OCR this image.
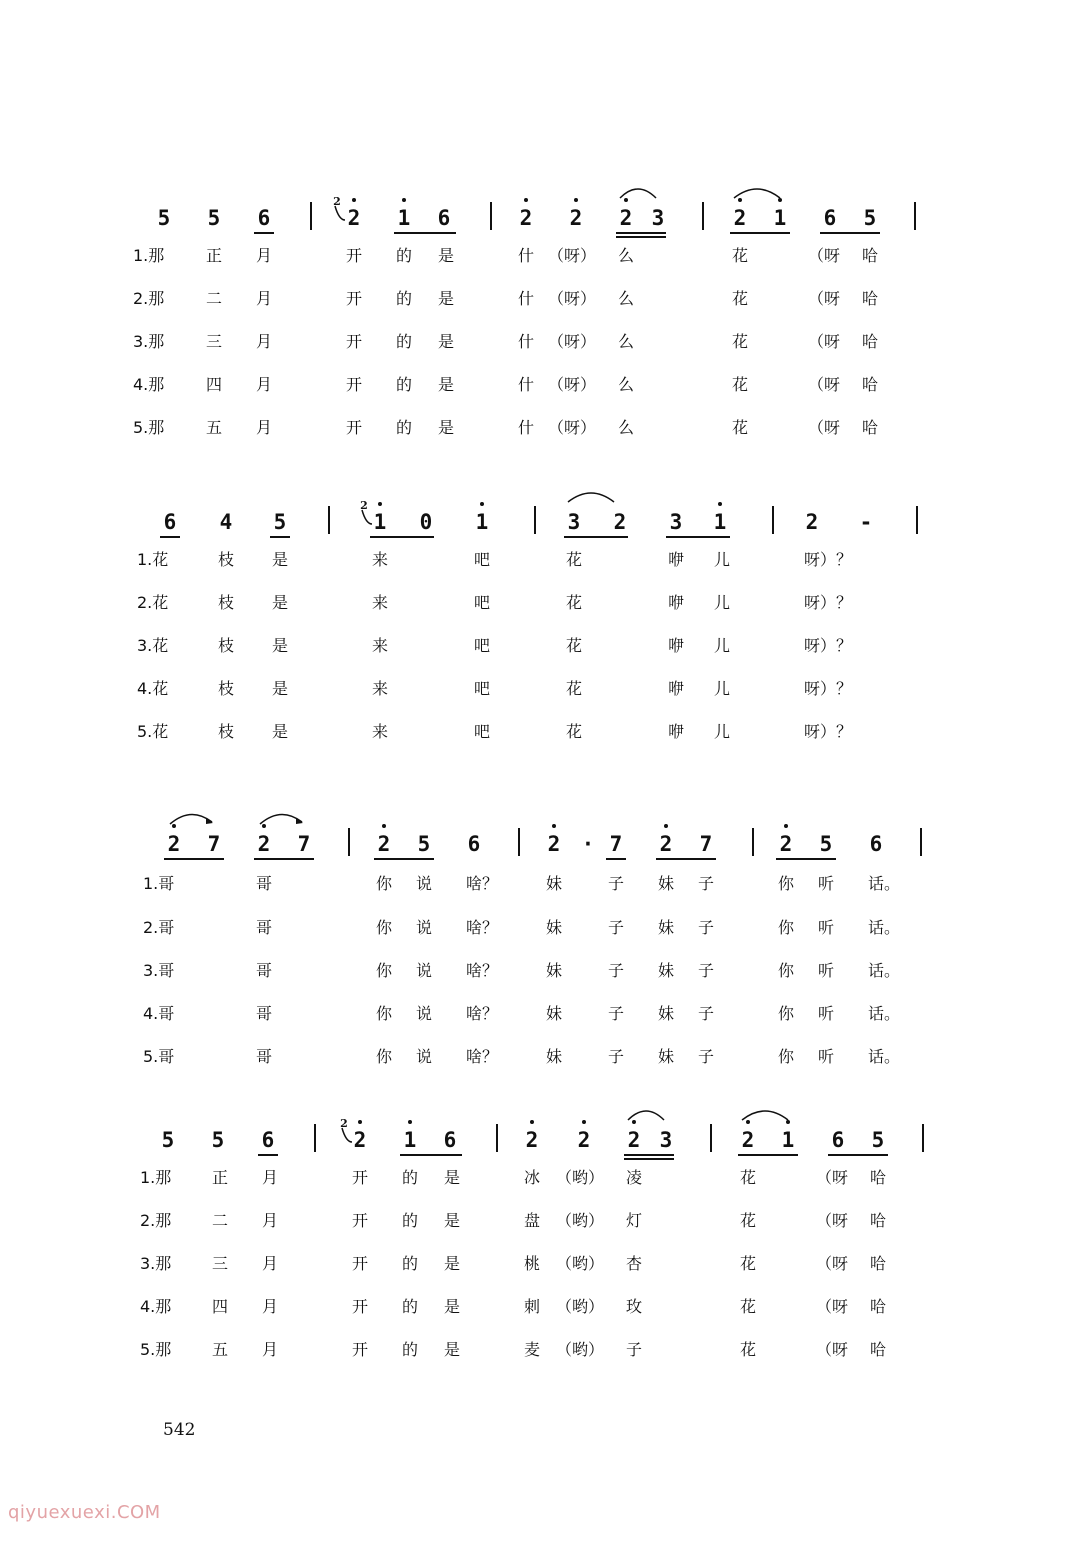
5 5 6
2
2 1 6	2 2 2 3	2 1 6 5
1.那	正 月	开 的 是	什 （呀） 么	花	（呀 哈
2.那	二 月	开 的 是	什 （呀） 么	花	（呀 哈
3.那	三 月	开 的 是	什 （呀） 么	花	（呀 哈
4.那	四 月	开 的 是	什 （呀） 么	花	（呀 哈
5.那	五 月	开 的 是	什 （呀） 么	花	（呀 哈
6 4 5
2
1 0 1	3 2 3 1	2 -
1.花	枝 是	来	吧	花	咿 儿	呀）？
2.花	枝 是	来	吧	花	咿 儿	呀）？
3.花	枝 是	来	吧	花	咿 儿	呀）？
4.花	枝 是	来	吧	花	咿 儿	呀）？
5.花	枝 是	来	吧	花	咿 儿	呀）？
2 7 2 7	2 5 6	2 · 7 2 7	2 5 6
1.哥	哥	你 说 啥？	妹	子 妹 子	你 听 话。
2.哥	哥	你 说 啥？	妹	子 妹 子	你 听 话。
3.哥	哥	你 说 啥？	妹	子 妹 子	你 听 话。
4.哥	哥	你 说 啥？	妹	子 妹 子	你 听 话。
5.哥	哥	你 说 啥？	妹	子 妹 子	你 听 话。
5 5 6
2
2 1 6	2 2 2 3	2 1 6 5
1.那	正 月	开 的 是	冰 （哟） 凌	花	（呀 哈
2.那	二 月	开 的 是	盘 （哟） 灯	花	（呀 哈
3.那	三 月	开 的 是	桃 （哟） 杏	花	（呀 哈
4.那	四 月	开 的 是	刺 （哟） 玫	花	（呀 哈
5.那	五 月	开 的 是	麦 （哟） 子	花	（呀 哈
542
qiyuexuexi.COM
